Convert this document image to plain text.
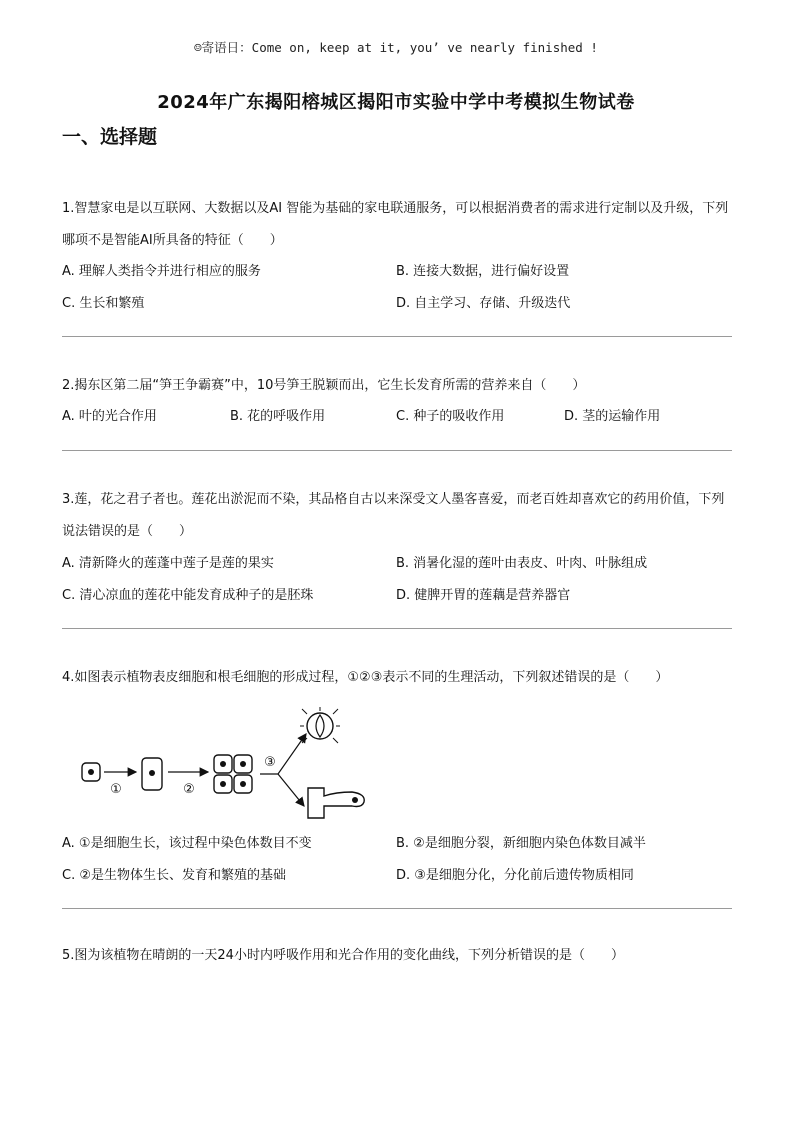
☺寄语日：Come on, keep at it, you’ ve nearly finished !
2024年广东揭阳榕城区揭阳市实验中学中考模拟生物试卷
一、选择题
1.智慧家电是以互联网、大数据以及AI 智能为基础的家电联通服务，可以根据消费者的需求进行定制以及升级，下列哪项不是智能AI所具备的特征（　　）
A. 理解人类指令并进行相应的服务	B. 连接大数据，进行偏好设置
C. 生长和繁殖	D. 自主学习、存储、升级迭代
2.揭东区第二届“笋王争霸赛”中，10号笋王脱颖而出，它生长发育所需的营养来自（　　）
A. 叶的光合作用	B. 花的呼吸作用	C. 种子的吸收作用	D. 茎的运输作用
3.莲，花之君子者也。莲花出淤泥而不染，其品格自古以来深受文人墨客喜爱，而老百姓却喜欢它的药用价值，下列说法错误的是（　　）
A. 清新降火的莲蓬中莲子是莲的果实	B. 消暑化湿的莲叶由表皮、叶肉、叶脉组成
C. 清心凉血的莲花中能发育成种子的是胚珠	D. 健脾开胃的莲藕是营养器官
4.如图表示植物表皮细胞和根毛细胞的形成过程，①②③表示不同的生理活动，下列叙述错误的是（　　）
①	②
③
A. ①是细胞生长，该过程中染色体数目不变	B. ②是细胞分裂，新细胞内染色体数目减半
C. ②是生物体生长、发育和繁殖的基础	D. ③是细胞分化，分化前后遗传物质相同
5.图为该植物在晴朗的一天24小时内呼吸作用和光合作用的变化曲线，下列分析错误的是（　　）
